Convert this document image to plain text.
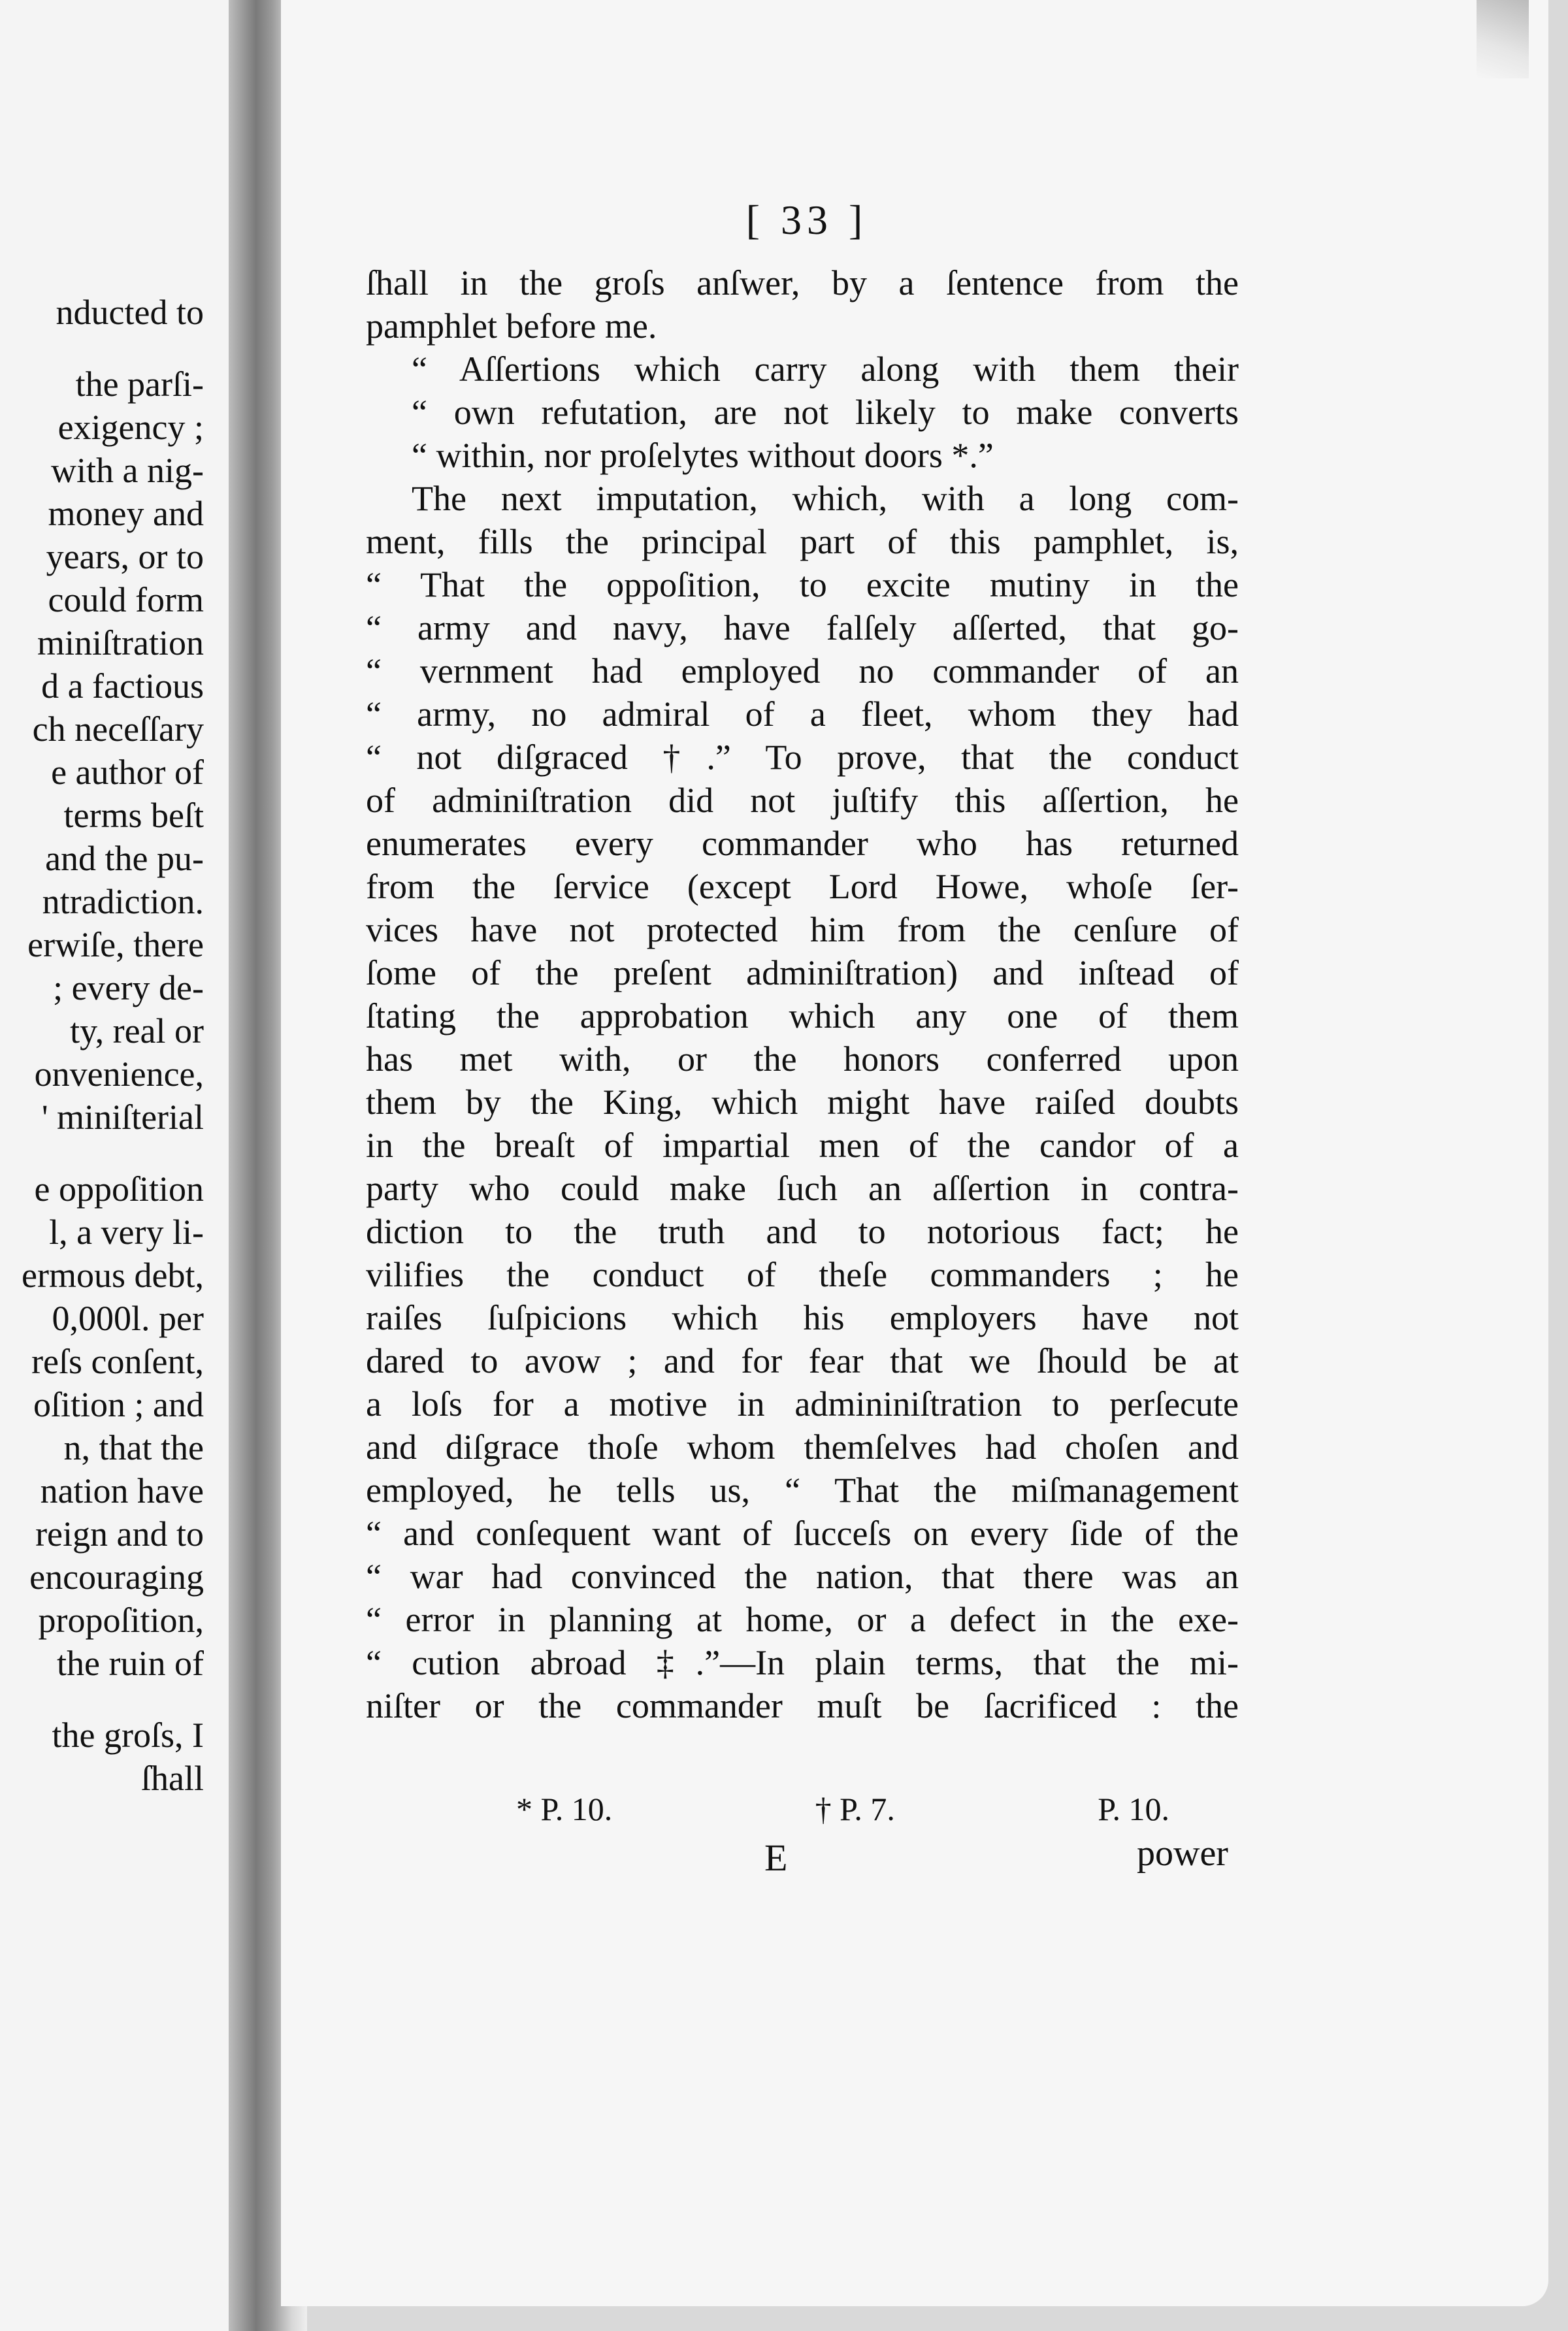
nducted to
the parſi-
exigency ;
with a nig-
money and
years, or to
could form
miniſtration
d a factious
ch neceſſary
e author of
terms beſt
and the pu-
ntradiction.
erwiſe, there
; every de-
ty, real or
onvenience,
' miniſterial
e oppoſition
l, a very li-
ermous debt,
0,000l. per
reſs conſent,
oſition ; and
n, that the
nation have
reign and to
encouraging
propoſition,
the ruin of
the groſs, I
ſhall
[ 33 ]
ſhall in the groſs anſwer, by a ſentence from the
pamphlet before me.
“ Aſſertions which carry along with them their
“ own refutation, are not likely to make converts
“ within, nor proſelytes without doors *.”
The next imputation, which, with a long com-
ment, fills the principal part of this pamphlet, is,
“ That the oppoſition, to excite mutiny in the
“ army and navy, have falſely aſſerted, that go-
“ vernment had employed no commander of an
“ army, no admiral of a fleet, whom they had
“ not diſgraced †.” To prove, that the conduct
of adminiſtration did not juſtify this aſſertion, he
enumerates every commander who has returned
from the ſervice (except Lord Howe, whoſe ſer-
vices have not protected him from the cenſure of
ſome of the preſent adminiſtration) and inſtead of
ſtating the approbation which any one of them
has met with, or the honors conferred upon
them by the King, which might have raiſed doubts
in the breaſt of impartial men of the candor of a
party who could make ſuch an aſſertion in contra-
diction to the truth and to notorious fact; he
vilifies the conduct of theſe commanders ; he
raiſes ſuſpicions which his employers have not
dared to avow ; and for fear that we ſhould be at
a loſs for a motive in admininiſtration to perſecute
and diſgrace thoſe whom themſelves had choſen and
employed, he tells us, “ That the miſmanagement
“ and conſequent want of ſucceſs on every ſide of the
“ war had convinced the nation, that there was an
“ error in planning at home, or a defect in the exe-
“ cution abroad ‡.”—In plain terms, that the mi-
niſter or the commander muſt be ſacrificed : the
* P. 10.	† P. 7.	P. 10.
E	power
